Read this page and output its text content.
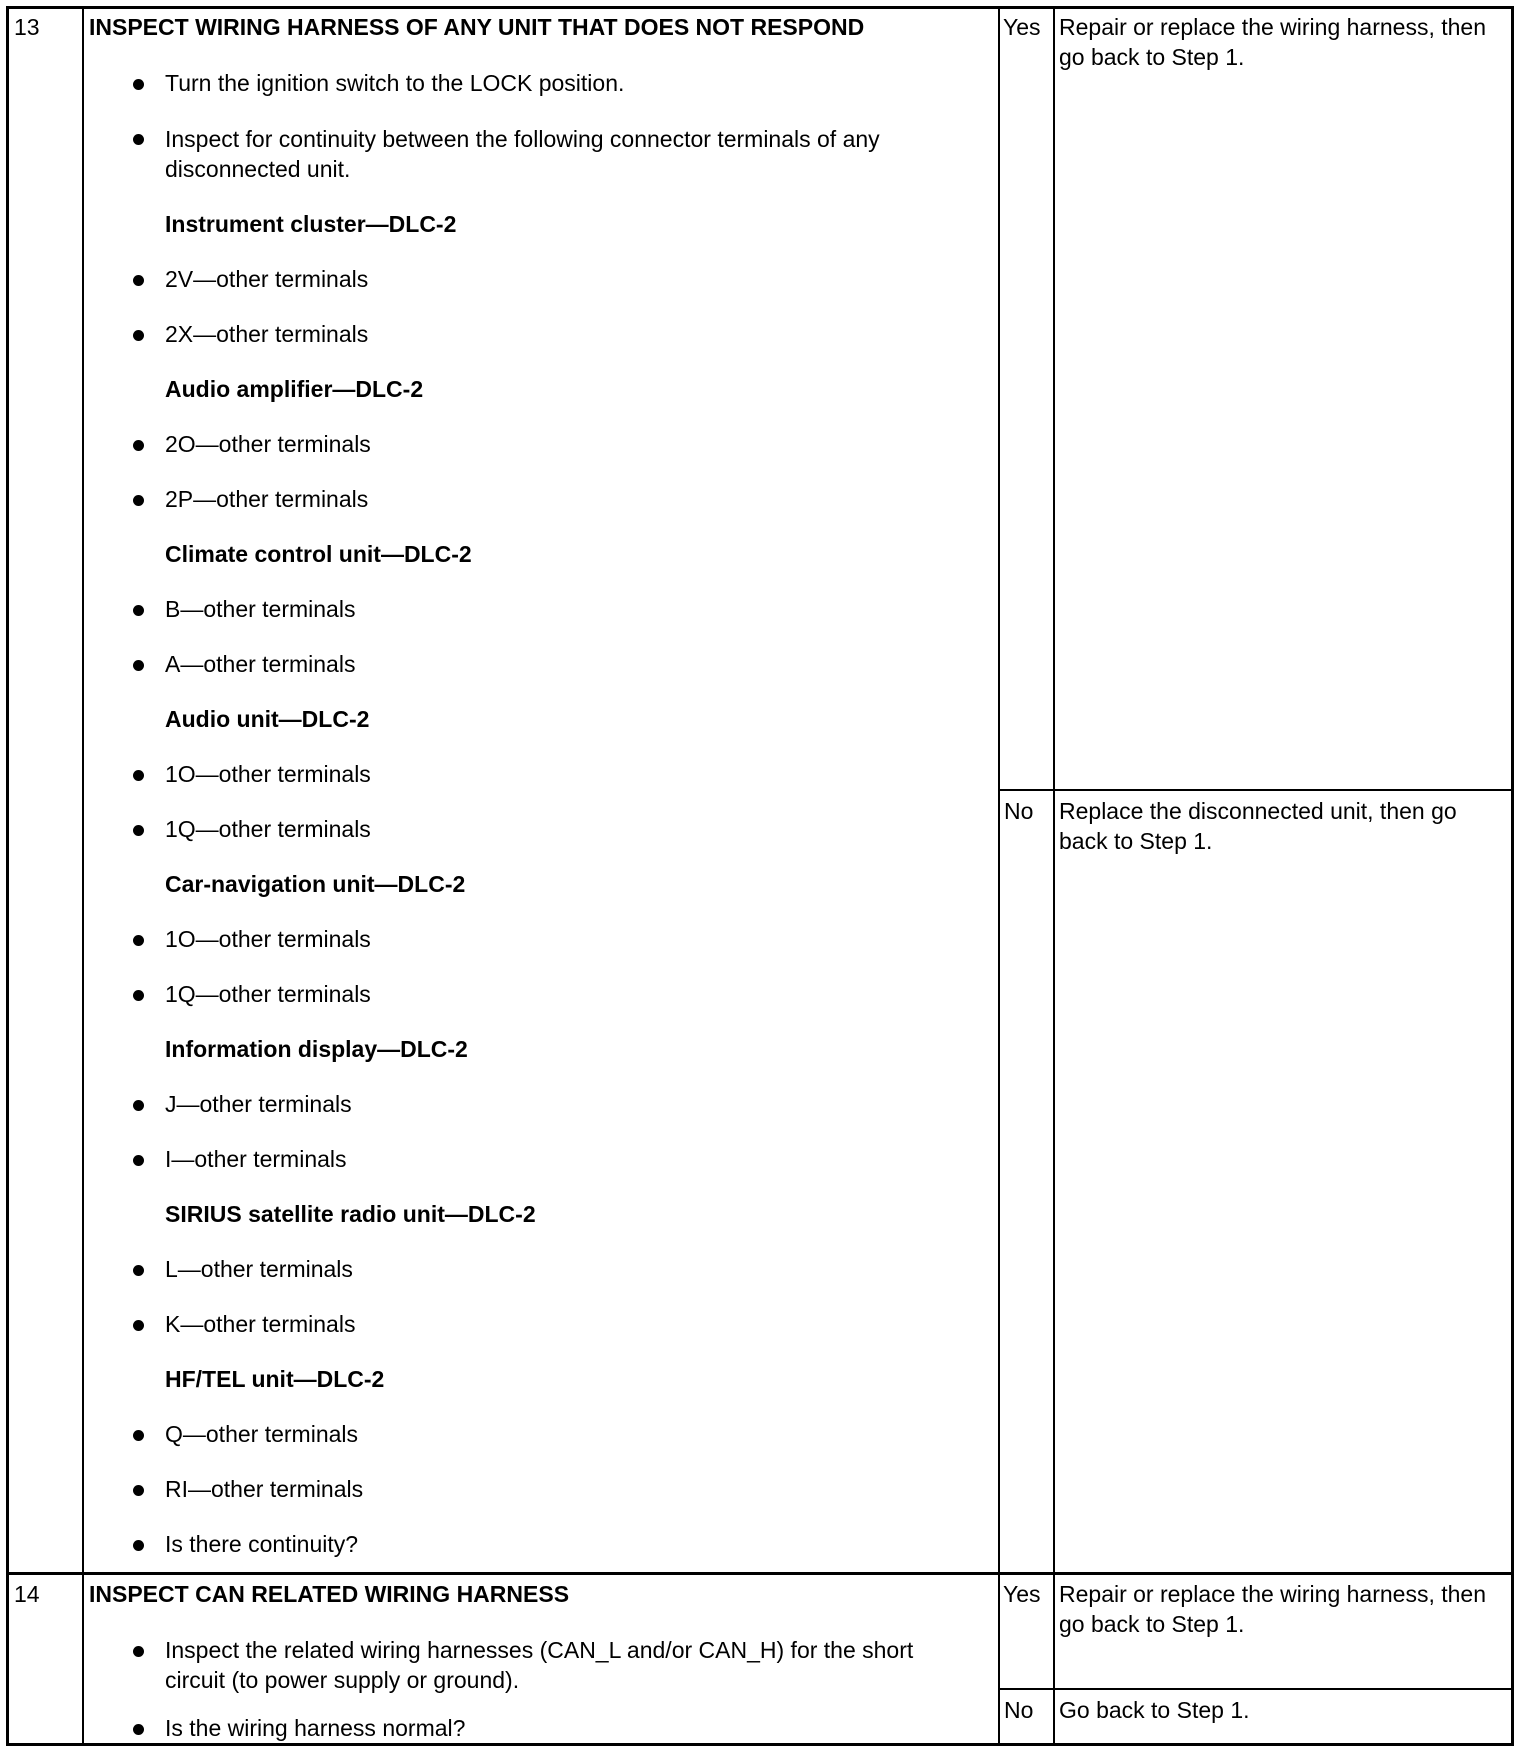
13 INSPECT WIRING HARNESS OF ANY UNIT THAT DOES NOT RESPOND
Turn the ignition switch to the LOCK position.
Inspect for continuity between the following connector terminals of any disconnected unit.
Instrument cluster—DLC-2
2V—other terminals
2X—other terminals
Audio amplifier—DLC-2
2O—other terminals
2P—other terminals
Climate control unit—DLC-2
B—other terminals
A—other terminals
Audio unit—DLC-2
1O—other terminals
1Q—other terminals
Car-navigation unit—DLC-2
1O—other terminals
1Q—other terminals
Information display—DLC-2
J—other terminals
I—other terminals
SIRIUS satellite radio unit—DLC-2
L—other terminals
K—other terminals
HF/TEL unit—DLC-2
Q—other terminals
RI—other terminals
Is there continuity?
Yes Repair or replace the wiring harness, then go back to Step 1.
No Replace the disconnected unit, then go back to Step 1.
14 INSPECT CAN RELATED WIRING HARNESS
Inspect the related wiring harnesses (CAN_L and/or CAN_H) for the short circuit (to power supply or ground).
Is the wiring harness normal?
Yes Repair or replace the wiring harness, then go back to Step 1.
No Go back to Step 1.
